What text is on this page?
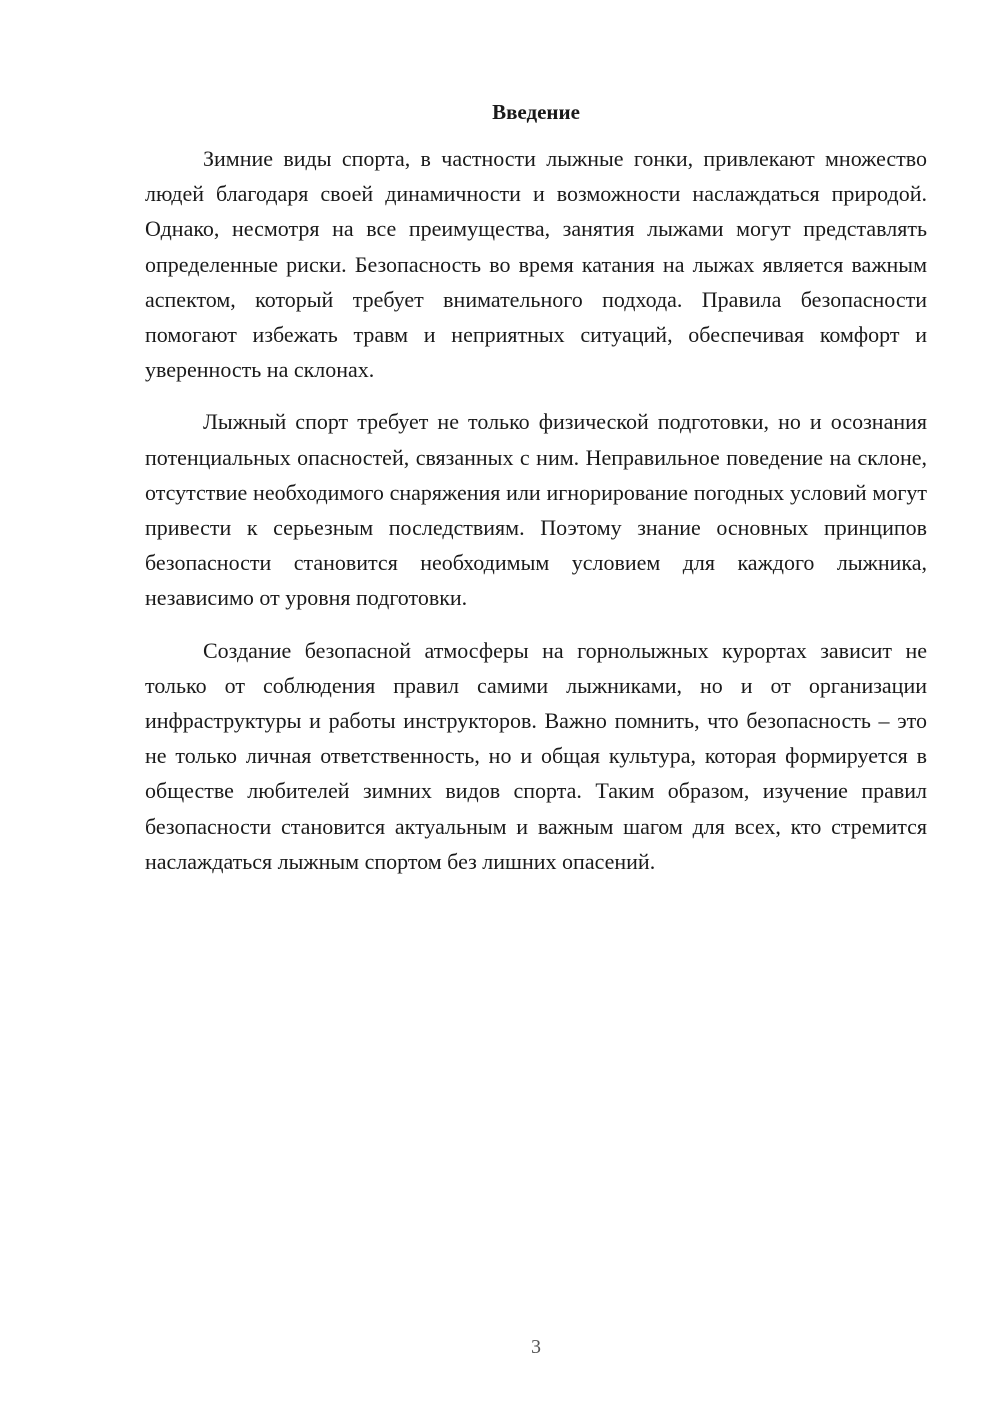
Введение

Зимние виды спорта, в частности лыжные гонки, привлекают множество людей благодаря своей динамичности и возможности наслаждаться природой. Однако, несмотря на все преимущества, занятия лыжами могут представлять определенные риски. Безопасность во время катания на лыжах является важным аспектом, который требует внимательного подхода. Правила безопасности помогают избежать травм и неприятных ситуаций, обеспечивая комфорт и уверенность на склонах.

Лыжный спорт требует не только физической подготовки, но и осознания потенциальных опасностей, связанных с ним. Неправильное поведение на склоне, отсутствие необходимого снаряжения или игнорирование погодных условий могут привести к серьезным последствиям. Поэтому знание основных принципов безопасности становится необходимым условием для каждого лыжника, независимо от уровня подготовки.

Создание безопасной атмосферы на горнолыжных курортах зависит не только от соблюдения правил самими лыжниками, но и от организации инфраструктуры и работы инструкторов. Важно помнить, что безопасность – это не только личная ответственность, но и общая культура, которая формируется в обществе любителей зимних видов спорта. Таким образом, изучение правил безопасности становится актуальным и важным шагом для всех, кто стремится наслаждаться лыжным спортом без лишних опасений.

3
